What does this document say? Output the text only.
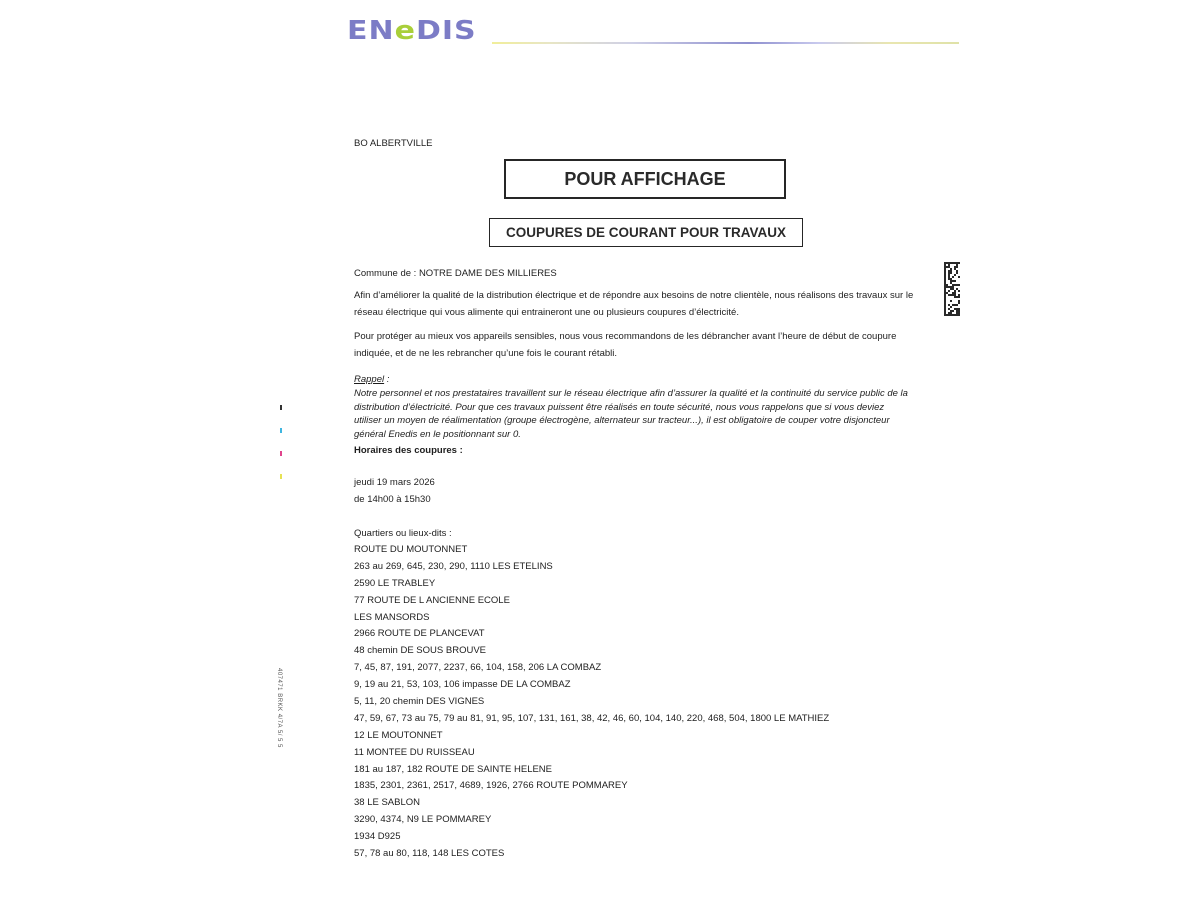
ENeDIS
BO ALBERTVILLE
POUR AFFICHAGE
COUPURES DE COURANT POUR TRAVAUX
Commune de : NOTRE DAME DES MILLIERES
Afin d’améliorer la qualité de la distribution électrique et de répondre aux besoins de notre clientèle, nous réalisons des travaux sur le réseau électrique qui vous alimente qui entraineront une ou plusieurs coupures d’électricité.
Pour protéger au mieux vos appareils sensibles, nous vous recommandons de les débrancher avant l’heure de début de coupure indiquée, et de ne les rebrancher qu’une fois le courant rétabli.
Rappel :
Notre personnel et nos prestataires travaillent sur le réseau électrique afin d’assurer la qualité et la continuité du service public de la distribution d’électricité. Pour que ces travaux puissent être réalisés en toute sécurité, nous vous rappelons que si vous deviez utiliser un moyen de réalimentation (groupe électrogène, alternateur sur tracteur...), il est obligatoire de couper votre disjoncteur général Enedis en le positionnant sur 0.
Horaires des coupures :
jeudi 19 mars 2026
de 14h00 à 15h30
Quartiers ou lieux-dits :
ROUTE DU MOUTONNET
263 au 269, 645, 230, 290, 1110 LES ETELINS
2590 LE TRABLEY
77 ROUTE DE L ANCIENNE ECOLE
LES MANSORDS
2966 ROUTE DE PLANCEVAT
48 chemin DE SOUS BROUVE
7, 45, 87, 191, 2077, 2237, 66, 104, 158, 206 LA COMBAZ
9, 19 au 21, 53, 103, 106 impasse DE LA COMBAZ
5, 11, 20 chemin DES VIGNES
47, 59, 67, 73 au 75, 79 au 81, 91, 95, 107, 131, 161, 38, 42, 46, 60, 104, 140, 220, 468, 504, 1800 LE MATHIEZ
12 LE MOUTONNET
11 MONTEE DU RUISSEAU
181 au 187, 182 ROUTE DE SAINTE HELENE
1835, 2301, 2361, 2517, 4689, 1926, 2766 ROUTE POMMAREY
38 LE SABLON
3290, 4374, N9 LE POMMAREY
1934 D925
57, 78 au 80, 118, 148 LES COTES
407471 BRKK 4/7A 5/ 5 5
